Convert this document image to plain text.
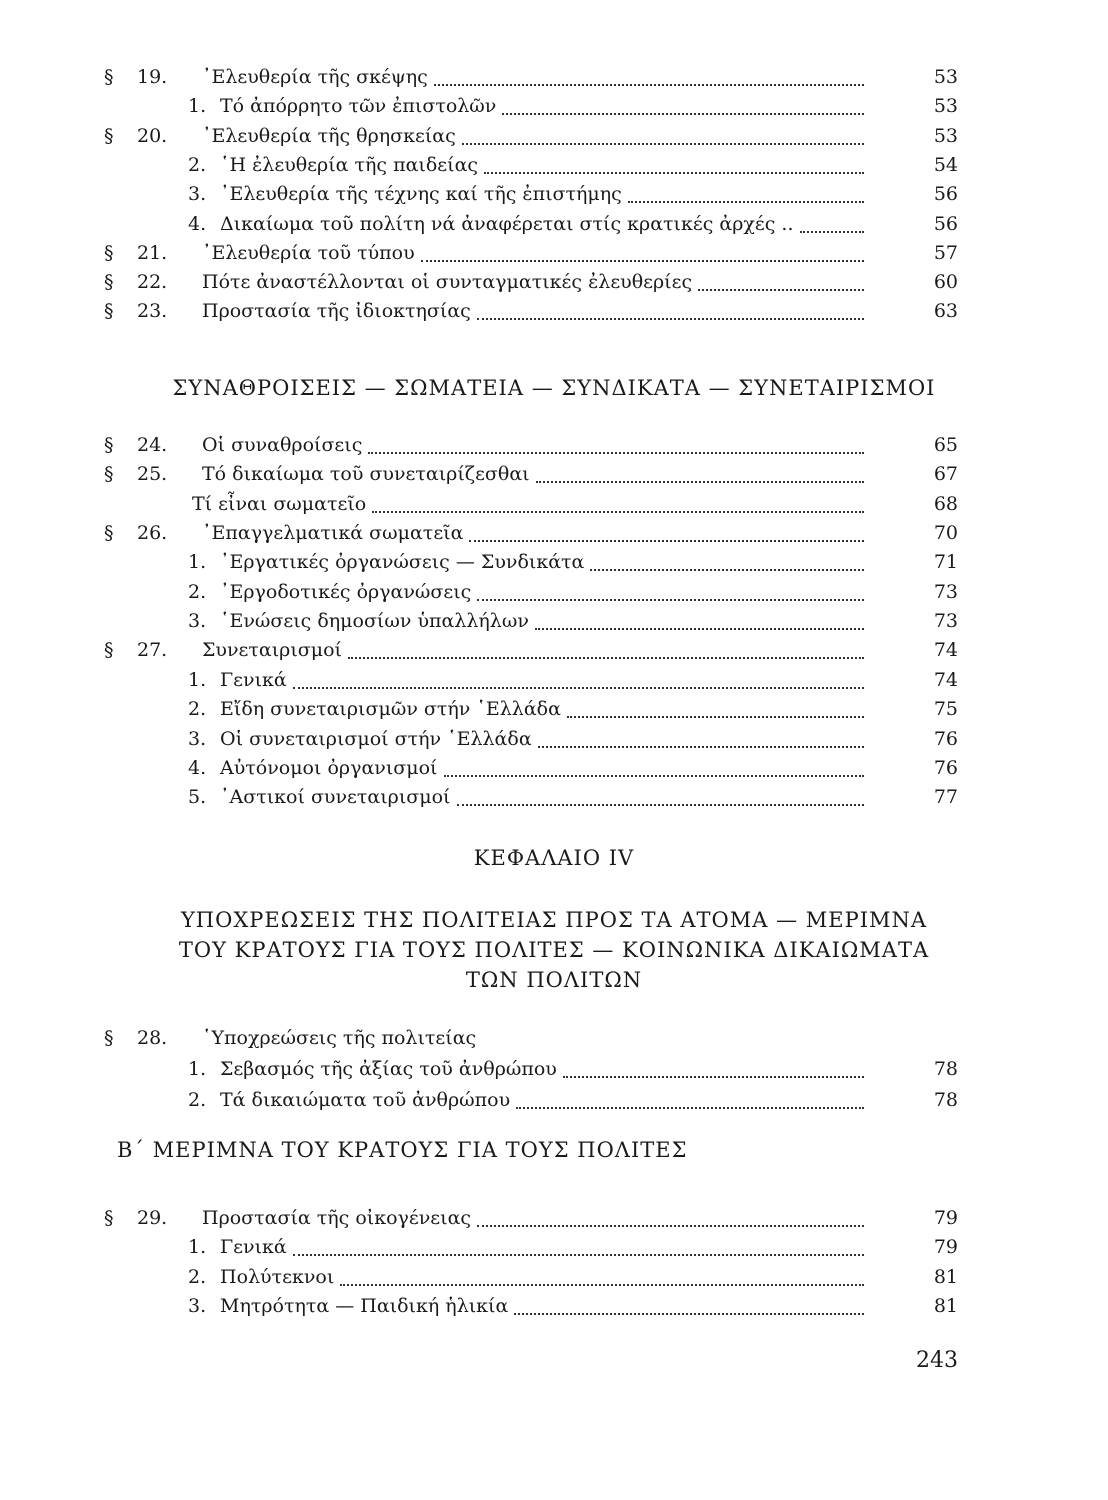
§ 19. ᾽Ελευθερία τῆς σκέψης	53
1. Τό ἀπόρρητο τῶν ἐπιστολῶν	53
§ 20. ᾽Ελευθερία τῆς θρησκείας	53
2. ῾Η ἐλευθερία τῆς παιδείας	54
3. ᾽Ελευθερία τῆς τέχνης καί τῆς ἐπιστήμης	56
4. Δικαίωμα τοῦ πολίτη νά ἀναφέρεται στίς κρατικές ἀρχές ..	56
§ 21. ᾽Ελευθερία τοῦ τύπου	57
§ 22. Πότε ἀναστέλλονται οἱ συνταγματικές ἐλευθερίες	60
§ 23. Προστασία τῆς ἰδιοκτησίας	63
ΣΥΝΑΘΡΟΙΣΕΙΣ — ΣΩΜΑΤΕΙΑ — ΣΥΝΔΙΚΑΤΑ — ΣΥΝΕΤΑΙΡΙΣΜΟΙ
§ 24. Οἱ συναθροίσεις	65
§ 25. Τό δικαίωμα τοῦ συνεταιρίζεσθαι	67
Τί εἶναι σωματεῖο	68
§ 26. ᾽Επαγγελματικά σωματεῖα	70
1. ᾽Εργατικές ὀργανώσεις — Συνδικάτα	71
2. ᾽Εργοδοτικές ὀργανώσεις	73
3. ῾Ενώσεις δημοσίων ὑπαλλήλων	73
§ 27. Συνεταιρισμοί	74
1. Γενικά	74
2. Εἴδη συνεταιρισμῶν στήν ῾Ελλάδα	75
3. Οἱ συνεταιρισμοί στήν ῾Ελλάδα	76
4. Αὐτόνομοι ὀργανισμοί	76
5. ᾽Αστικοί συνεταιρισμοί	77
ΚΕΦΑΛΑΙΟ IV
ΥΠΟΧΡΕΩΣΕΙΣ ΤΗΣ ΠΟΛΙΤΕΙΑΣ ΠΡΟΣ ΤΑ ΑΤΟΜΑ — ΜΕΡΙΜΝΑ
ΤΟΥ ΚΡΑΤΟΥΣ ΓΙΑ ΤΟΥΣ ΠΟΛΙΤΕΣ — ΚΟΙΝΩΝΙΚΑ ΔΙΚΑΙΩΜΑΤΑ
ΤΩΝ ΠΟΛΙΤΩΝ
§ 28. ῾Υποχρεώσεις τῆς πολιτείας
1. Σεβασμός τῆς ἀξίας τοῦ ἀνθρώπου	78
2. Τά δικαιώματα τοῦ ἀνθρώπου	78
Β΄ ΜΕΡΙΜΝΑ ΤΟΥ ΚΡΑΤΟΥΣ ΓΙΑ ΤΟΥΣ ΠΟΛΙΤΕΣ
§ 29. Προστασία τῆς οἰκογένειας	79
1. Γενικά	79
2. Πολύτεκνοι	81
3. Μητρότητα — Παιδική ἡλικία	81
243
